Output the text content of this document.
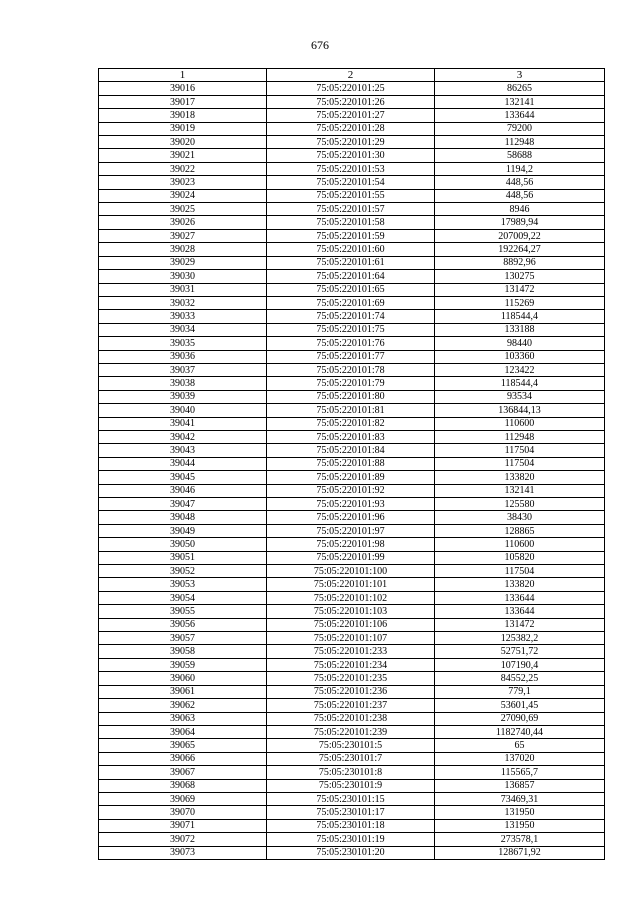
676
1	2	3
39016	75:05:220101:25	86265
39017	75:05:220101:26	132141
39018	75:05:220101:27	133644
39019	75:05:220101:28	79200
39020	75:05:220101:29	112948
39021	75:05:220101:30	58688
39022	75:05:220101:53	1194,2
39023	75:05:220101:54	448,56
39024	75:05:220101:55	448,56
39025	75:05:220101:57	8946
39026	75:05:220101:58	17989,94
39027	75:05:220101:59	207009,22
39028	75:05:220101:60	192264,27
39029	75:05:220101:61	8892,96
39030	75:05:220101:64	130275
39031	75:05:220101:65	131472
39032	75:05:220101:69	115269
39033	75:05:220101:74	118544,4
39034	75:05:220101:75	133188
39035	75:05:220101:76	98440
39036	75:05:220101:77	103360
39037	75:05:220101:78	123422
39038	75:05:220101:79	118544,4
39039	75:05:220101:80	93534
39040	75:05:220101:81	136844,13
39041	75:05:220101:82	110600
39042	75:05:220101:83	112948
39043	75:05:220101:84	117504
39044	75:05:220101:88	117504
39045	75:05:220101:89	133820
39046	75:05:220101:92	132141
39047	75:05:220101:93	125580
39048	75:05:220101:96	38430
39049	75:05:220101:97	128865
39050	75:05:220101:98	110600
39051	75:05:220101:99	105820
39052	75:05:220101:100	117504
39053	75:05:220101:101	133820
39054	75:05:220101:102	133644
39055	75:05:220101:103	133644
39056	75:05:220101:106	131472
39057	75:05:220101:107	125382,2
39058	75:05:220101:233	52751,72
39059	75:05:220101:234	107190,4
39060	75:05:220101:235	84552,25
39061	75:05:220101:236	779,1
39062	75:05:220101:237	53601,45
39063	75:05:220101:238	27090,69
39064	75:05:220101:239	1182740,44
39065	75:05:230101:5	65
39066	75:05:230101:7	137020
39067	75:05:230101:8	115565,7
39068	75:05:230101:9	136857
39069	75:05:230101:15	73469,31
39070	75:05:230101:17	131950
39071	75:05:230101:18	131950
39072	75:05:230101:19	273578,1
39073	75:05:230101:20	128671,92
